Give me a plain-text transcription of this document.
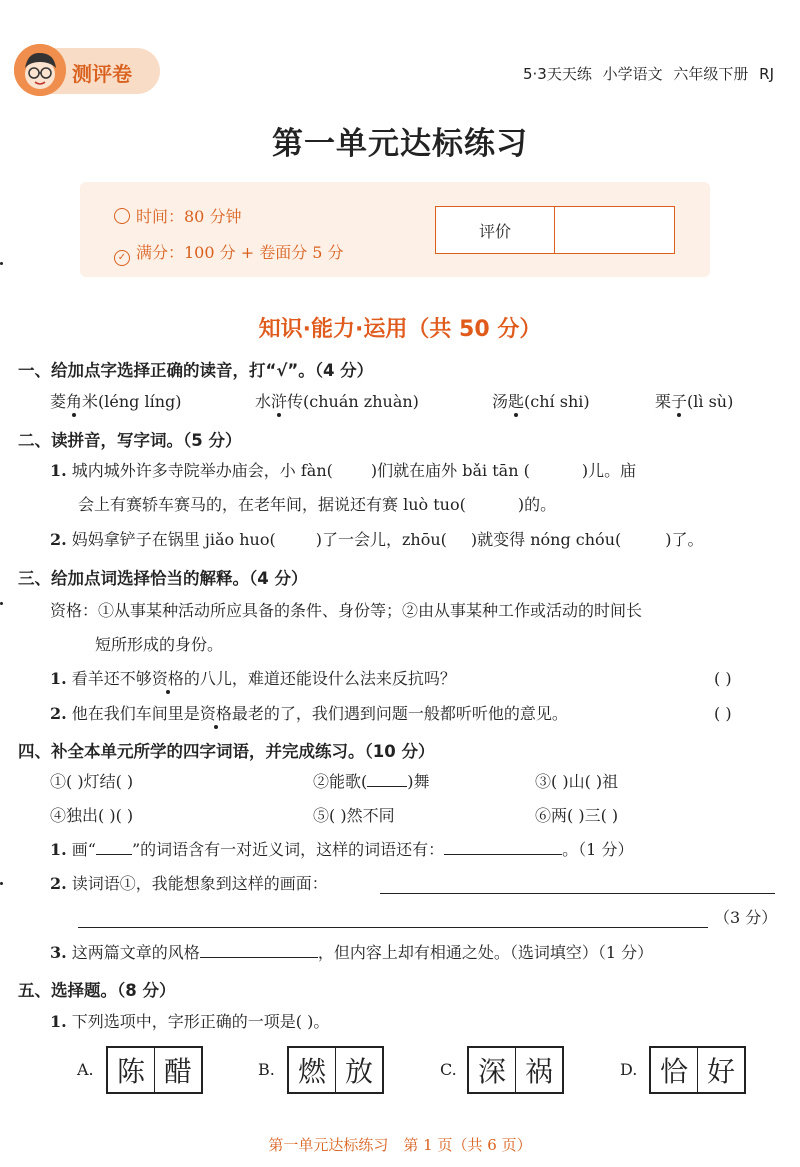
测评卷	5·3天天练 小学语文 六年级下册 RJ
第一单元达标练习
时间：80 分钟
✓ 满分：100 分 + 卷面分 5 分
评价
知识·能力·运用（共 50 分）
一、给加点字选择正确的读音，打“√”。（4 分）
菱角米(léng líng)	水浒传(chuán zhuàn)	汤匙(chí shi)	栗子(lì sù)
二、读拼音，写字词。（5 分）
1. 城内城外许多寺院举办庙会，小 fàn( )们就在庙外 bǎi tān (	)儿。庙
会上有赛轿车赛马的，在老年间，据说还有赛 luò tuo(	)的。
2. 妈妈拿铲子在锅里 jiǎo huo(	)了一会儿，zhōu( )就变得 nóng chóu(	)了。
三、给加点词选择恰当的解释。（4 分）
资格：①从事某种活动所应具备的条件、身份等；②由从事某种工作或活动的时间长
短所形成的身份。
1. 看羊还不够资格的八儿，难道还能设什么法来反抗吗？	( )
2. 他在我们车间里是资格最老的了，我们遇到问题一般都听听他的意见。	( )
四、补全本单元所学的四字词语，并完成练习。（10 分）
①( )灯结( )	②能歌(	)舞	③( )山( )祖
④独出( )( )	⑤( )然不同	⑥两( )三( )
1. 画“ ”的词语含有一对近义词，这样的词语还有：	。（1 分）
2. 读词语①，我能想象到这样的画面：
（3 分）
3. 这两篇文章的风格	，但内容上却有相通之处。（选词填空）（1 分）
五、选择题。（8 分）
1. 下列选项中，字形正确的一项是( )。
A. 陈 醋	B. 燃 放	C. 深 祸	D. 恰 好
第一单元达标练习　第 1 页（共 6 页）
